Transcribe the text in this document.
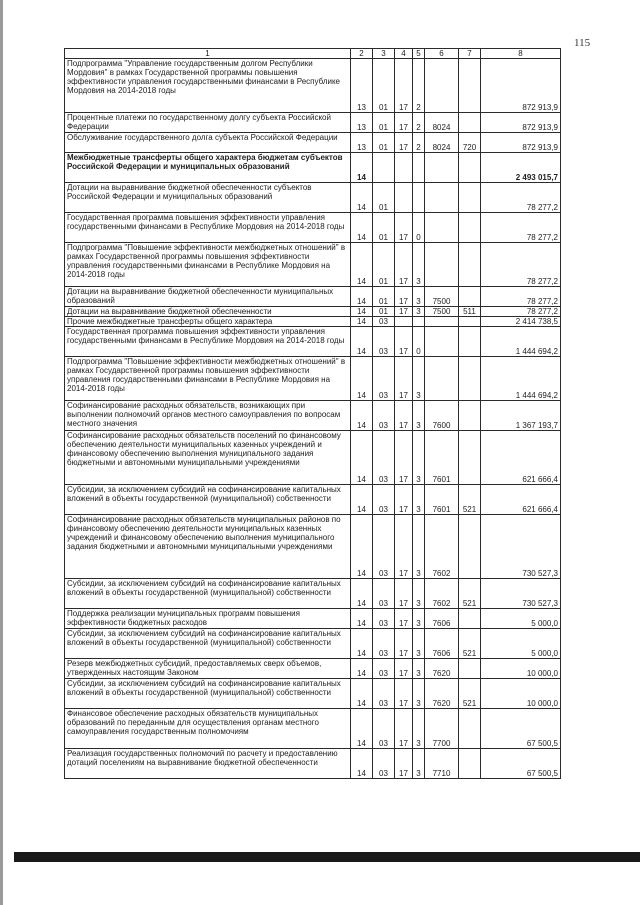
115
1	2	3	4	5	6	7	8
Подпрограмма "Управление государственным долгом Республики Мордовия" в рамках Государственной программы повышения эффективности управления государственными финансами в Республике Мордовия на 2014-2018 годы	13	01	17	2			872 913,9
Процентные платежи по государственному долгу субъекта Российской Федерации	13	01	17	2	8024		872 913,9
Обслуживание государственного долга субъекта Российской Федерации	13	01	17	2	8024	720	872 913,9
Межбюджетные трансферты общего характера бюджетам субъектов Российской Федерации и муниципальных образований	14						2 493 015,7
Дотации на выравнивание бюджетной обеспеченности субъектов Российской Федерации и муниципальных образований	14	01					78 277,2
Государственная программа повышения эффективности управления государственными финансами в Республике Мордовия на 2014-2018 годы	14	01	17	0			78 277,2
Подпрограмма "Повышение эффективности межбюджетных отношений" в рамках Государственной программы повышения эффективности управления государственными финансами в Республике Мордовия на 2014-2018 годы	14	01	17	3			78 277,2
Дотации на выравнивание бюджетной обеспеченности муниципальных образований	14	01	17	3	7500		78 277,2
Дотации на выравнивание бюджетной обеспеченности	14	01	17	3	7500	511	78 277,2
Прочие межбюджетные трансферты общего характера	14	03					2 414 738,5
Государственная программа повышения эффективности управления государственными финансами в Республике Мордовия на 2014-2018 годы	14	03	17	0			1 444 694,2
Подпрограмма "Повышение эффективности межбюджетных отношений" в рамках Государственной программы повышения эффективности управления государственными финансами в Республике Мордовия на 2014-2018 годы	14	03	17	3			1 444 694,2
Софинансирование расходных обязательств, возникающих при выполнении полномочий органов местного самоуправления по вопросам местного значения	14	03	17	3	7600		1 367 193,7
Софинансирование расходных обязательств поселений по финансовому обеспечению деятельности муниципальных казенных учреждений и финансовому обеспечению выполнения муниципального задания бюджетными и автономными муниципальными учреждениями	14	03	17	3	7601		621 666,4
Субсидии, за исключением субсидий на софинансирование капитальных вложений в объекты государственной (муниципальной) собственности	14	03	17	3	7601	521	621 666,4
Софинансирование расходных обязательств муниципальных районов по финансовому обеспечению деятельности муниципальных казенных учреждений и финансовому обеспечению выполнения муниципального задания бюджетными и автономными муниципальными учреждениями	14	03	17	3	7602		730 527,3
Субсидии, за исключением субсидий на софинансирование капитальных вложений в объекты государственной (муниципальной) собственности	14	03	17	3	7602	521	730 527,3
Поддержка реализации муниципальных программ повышения эффективности бюджетных расходов	14	03	17	3	7606		5 000,0
Субсидии, за исключением субсидий на софинансирование капитальных вложений в объекты государственной (муниципальной) собственности	14	03	17	3	7606	521	5 000,0
Резерв межбюджетных субсидий, предоставляемых сверх объемов, утвержденных настоящим Законом	14	03	17	3	7620		10 000,0
Субсидии, за исключением субсидий на софинансирование капитальных вложений в объекты государственной (муниципальной) собственности	14	03	17	3	7620	521	10 000,0
Финансовое обеспечение расходных обязательств муниципальных образований по переданным для осуществления органам местного самоуправления государственным полномочиям	14	03	17	3	7700		67 500,5
Реализация государственных полномочий по расчету и предоставлению дотаций поселениям на выравнивание бюджетной обеспеченности	14	03	17	3	7710		67 500,5
